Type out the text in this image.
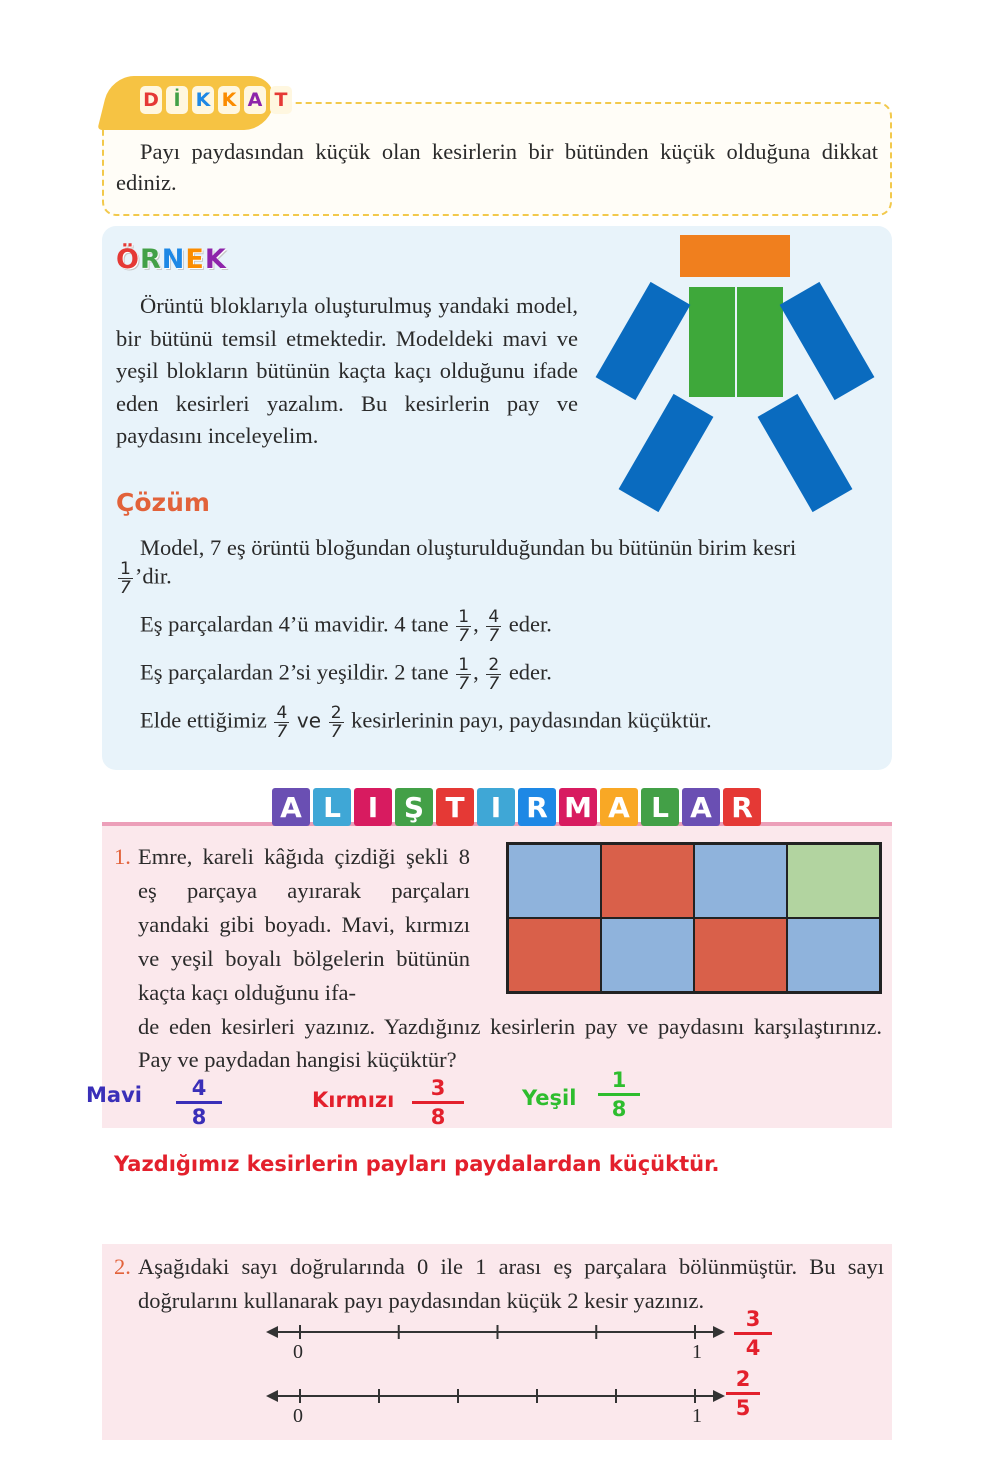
D İ K K A T

Payı paydasından küçük olan kesirlerin bir bütünden küçük olduğuna dikkat ediniz.

Ö R N E K

Örüntü bloklarıyla oluşturulmuş yandaki model, bir bütünü temsil etmektedir. Modeldeki mavi ve yeşil blokların bütünün kaçta kaçı olduğunu ifade eden kesirleri yazalım. Bu kesirlerin pay ve paydasını inceleyelim.

Çözüm
Model, 7 eş örüntü bloğundan oluşturulduğundan bu bütünün birim kesri
$\frac{1}{7}$ ’dir.
Eş parçalardan 4’ü mavidir. 4 tane $\frac{1}{7}$ , $\frac{4}{7}$ eder.
Eş parçalardan 2’si yeşildir. 2 tane $\frac{1}{7}$ , $\frac{2}{7}$ eder.
Elde ettiğimiz $\frac{4}{7}$ ve $\frac{2}{7}$ kesirlerinin payı, paydasından küçüktür.
A L I Ş T I R M A L A R
1. Emre, kareli kâğıda çizdiği şekli 8 eş parçaya ayırarak parçaları yandaki gibi boyadı. Mavi, kırmızı ve yeşil boyalı bölgelerin bütünün kaçta kaçı olduğunu ifa-

de eden kesirleri yazınız. Yazdığınız kesirlerin pay ve paydasını karşılaştırınız. Pay ve paydadan hangisi küçüktür?

Mavi 4
8
Kırmızı 3
8
Yeşil
1
8
Yazdığımız kesirlerin payları paydalardan küçüktür.
2. Aşağıdaki sayı doğrularında 0 ile 1 arası eş parçalara bölünmüştür. Bu sayı doğrularını kullanarak payı paydasından küçük 2 kesir yazınız.
0	1
0	1
3
4
2
5
